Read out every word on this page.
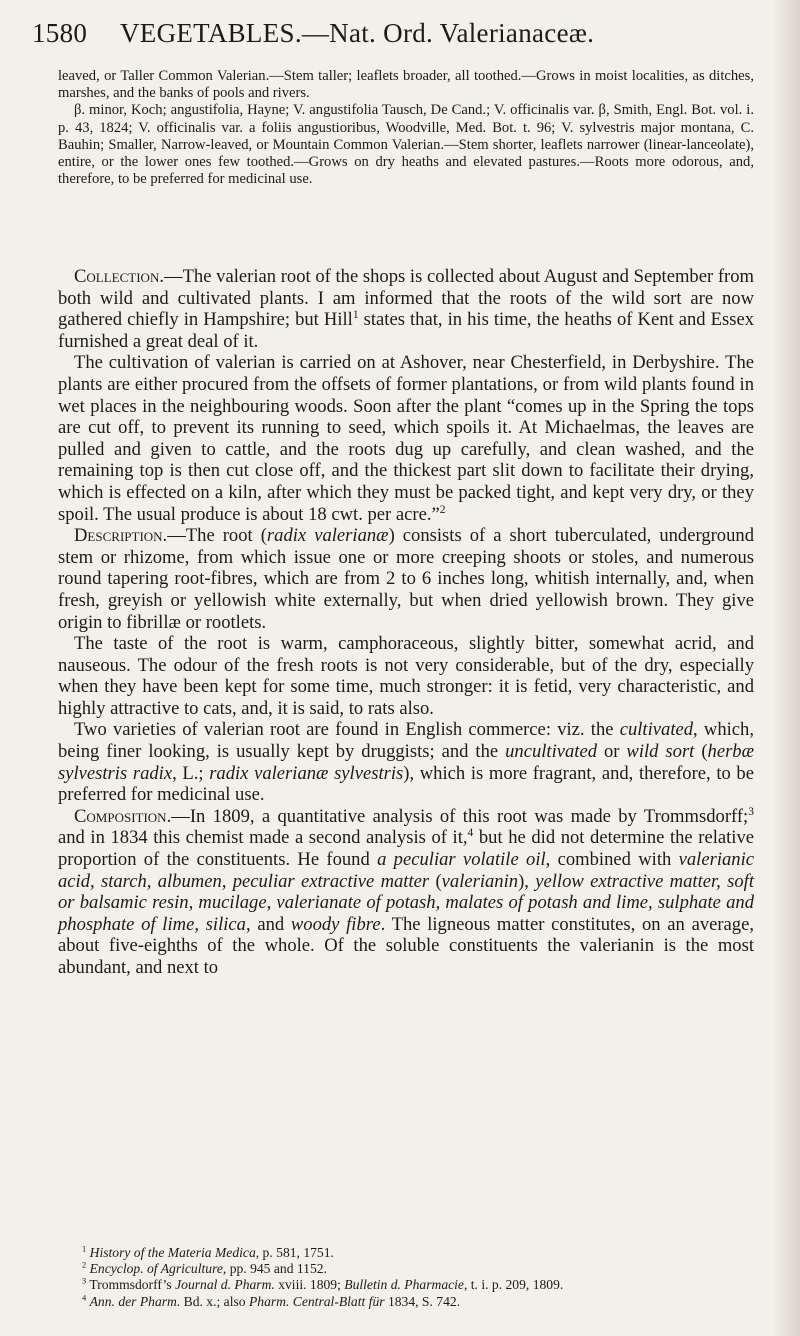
1580 VEGETABLES.—Nat. Ord. Valerianaceæ.

leaved, or Taller Common Valerian.—Stem taller; leaflets broader, all toothed.—Grows in moist localities, as ditches, marshes, and the banks of pools and rivers.

β. minor, Koch; angustifolia, Hayne; V. angustifolia Tausch, De Cand.; V. officinalis var. β, Smith, Engl. Bot. vol. i. p. 43, 1824; V. officinalis var. a foliis angustioribus, Woodville, Med. Bot. t. 96; V. sylvestris major montana, C. Bauhin; Smaller, Narrow-leaved, or Mountain Common Valerian.—Stem shorter, leaflets narrower (linear-lanceolate), entire, or the lower ones few toothed.—Grows on dry heaths and elevated pastures.—Roots more odorous, and, therefore, to be preferred for medicinal use.

Collection.—The valerian root of the shops is collected about August and September from both wild and cultivated plants. I am informed that the roots of the wild sort are now gathered chiefly in Hampshire; but Hill$^1$ states that, in his time, the heaths of Kent and Essex furnished a great deal of it.

The cultivation of valerian is carried on at Ashover, near Chesterfield, in Derbyshire. The plants are either procured from the offsets of former plantations, or from wild plants found in wet places in the neighbouring woods. Soon after the plant “comes up in the Spring the tops are cut off, to prevent its running to seed, which spoils it. At Michaelmas, the leaves are pulled and given to cattle, and the roots dug up carefully, and clean washed, and the remaining top is then cut close off, and the thickest part slit down to facilitate their drying, which is effected on a kiln, after which they must be packed tight, and kept very dry, or they spoil. The usual produce is about 18 cwt. per acre.”$^2$

Description.—The root (radix valerianæ) consists of a short tuberculated, underground stem or rhizome, from which issue one or more creeping shoots or stoles, and numerous round tapering root-fibres, which are from 2 to 6 inches long, whitish internally, and, when fresh, greyish or yellowish white externally, but when dried yellowish brown. They give origin to fibrillæ or rootlets.

The taste of the root is warm, camphoraceous, slightly bitter, somewhat acrid, and nauseous. The odour of the fresh roots is not very considerable, but of the dry, especially when they have been kept for some time, much stronger: it is fetid, very characteristic, and highly attractive to cats, and, it is said, to rats also.

Two varieties of valerian root are found in English commerce: viz. the cultivated, which, being finer looking, is usually kept by druggists; and the uncultivated or wild sort (herbæ sylvestris radix, L.; radix valerianæ sylvestris), which is more fragrant, and, therefore, to be preferred for medicinal use.

Composition.—In 1809, a quantitative analysis of this root was made by Trommsdorff;$^3$ and in 1834 this chemist made a second analysis of it,$^4$ but he did not determine the relative proportion of the constituents. He found a peculiar volatile oil, combined with valerianic acid, starch, albumen, peculiar extractive matter (valerianin), yellow extractive matter, soft or balsamic resin, mucilage, valerianate of potash, malates of potash and lime, sulphate and phosphate of lime, silica, and woody fibre. The ligneous matter constitutes, on an average, about five-eighths of the whole. Of the soluble constituents the valerianin is the most abundant, and next to

$^1$ History of the Materia Medica, p. 581, 1751.

$^2$ Encyclop. of Agriculture, pp. 945 and 1152.

$^3$ Trommsdorff’s Journal d. Pharm. xviii. 1809; Bulletin d. Pharmacie, t. i. p. 209, 1809.

$^4$ Ann. der Pharm. Bd. x.; also Pharm. Central-Blatt für 1834, S. 742.
